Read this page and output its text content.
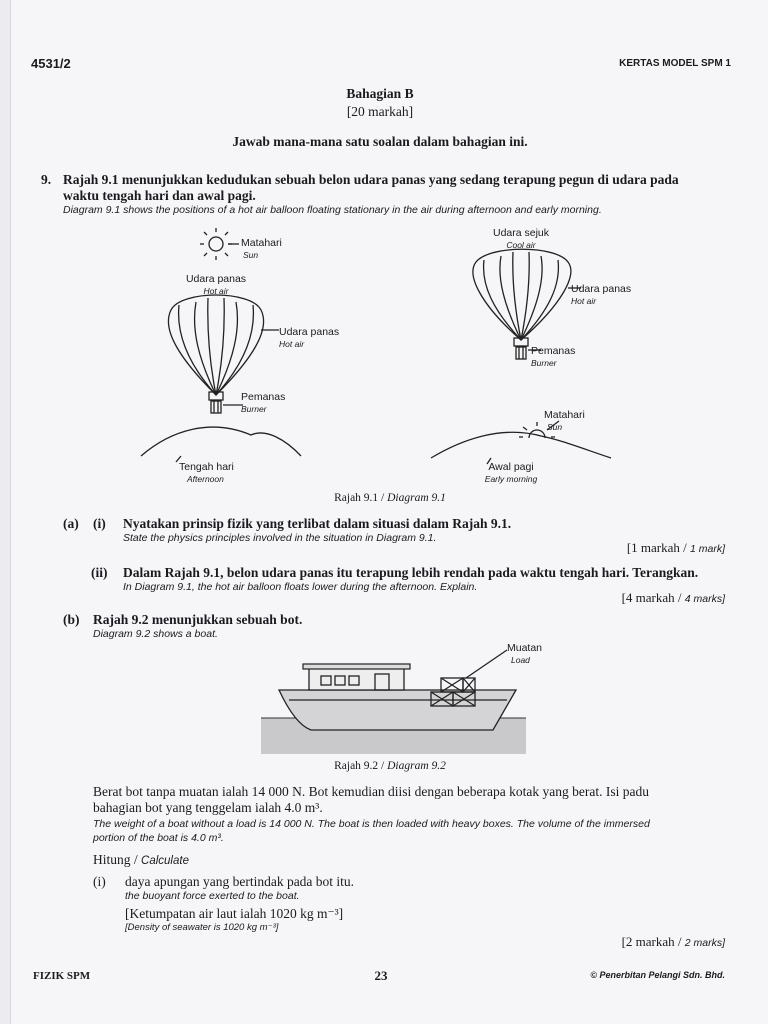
4531/2	KERTAS MODEL SPM 1
Bahagian B
[20 markah]
Jawab mana-mana satu soalan dalam bahagian ini.
9. Rajah 9.1 menunjukkan kedudukan sebuah belon udara panas yang sedang terapung pegun di udara pada
waktu tengah hari dan awal pagi.
Diagram 9.1 shows the positions of a hot air balloon floating stationary in the air during afternoon and early morning.
Matahari
Sun
Udara panas
Hot air
Udara panas
Hot air
Pemanas
Burner
Tengah hari
Afternoon
Udara sejuk
Cool air
Udara panas
Hot air
Pemanas
Burner
Matahari
Sun
Awal pagi
Early morning
Rajah 9.1 / Diagram 9.1
(a) (i) Nyatakan prinsip fizik yang terlibat dalam situasi dalam Rajah 9.1.
State the physics principles involved in the situation in Diagram 9.1.
[1 markah / 1 mark]
(ii) Dalam Rajah 9.1, belon udara panas itu terapung lebih rendah pada waktu tengah hari. Terangkan.
In Diagram 9.1, the hot air balloon floats lower during the afternoon. Explain.
[4 markah / 4 marks]
(b) Rajah 9.2 menunjukkan sebuah bot.
Diagram 9.2 shows a boat.
Muatan
Load
Rajah 9.2 / Diagram 9.2
Berat bot tanpa muatan ialah 14 000 N. Bot kemudian diisi dengan beberapa kotak yang berat. Isi padu
bahagian bot yang tenggelam ialah 4.0 m³.
The weight of a boat without a load is 14 000 N. The boat is then loaded with heavy boxes. The volume of the immersed
portion of the boat is 4.0 m³.
Hitung / Calculate
(i) daya apungan yang bertindak pada bot itu.
the buoyant force exerted to the boat.
[Ketumpatan air laut ialah 1020 kg m⁻³]
[Density of seawater is 1020 kg m⁻³]
[2 markah / 2 marks]
FIZIK SPM	23	© Penerbitan Pelangi Sdn. Bhd.
